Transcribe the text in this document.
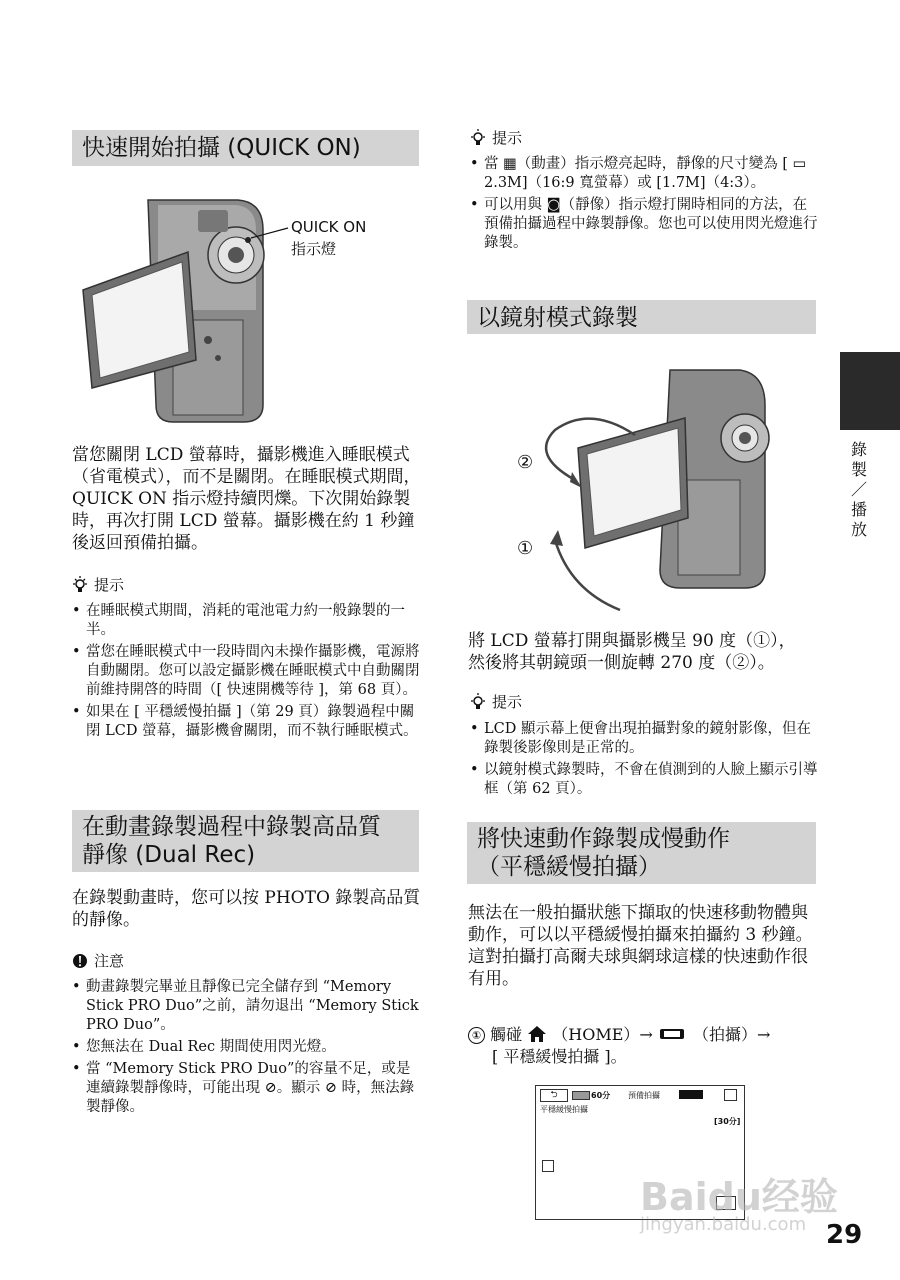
快速開始拍攝 (QUICK ON)
QUICK ON
指示燈

當您關閉 LCD 螢幕時，攝影機進入睡眠模式（省電模式），而不是關閉。在睡眠模式期間，QUICK ON 指示燈持續閃爍。下次開始錄製時，再次打開 LCD 螢幕。攝影機在約 1 秒鐘後返回預備拍攝。

提示
• 在睡眠模式期間，消耗的電池電力約一般錄製的一半。
• 當您在睡眠模式中一段時間內未操作攝影機，電源將自動關閉。您可以設定攝影機在睡眠模式中自動關閉前維持開啓的時間（[ 快速開機等待 ]，第 68 頁）。
• 如果在 [ 平穩緩慢拍攝 ]（第 29 頁）錄製過程中關閉 LCD 螢幕，攝影機會關閉，而不執行睡眠模式。
在動畫錄製過程中錄製高品質
靜像 (Dual Rec)

在錄製動畫時，您可以按 PHOTO 錄製高品質的靜像。

注意
• 動畫錄製完畢並且靜像已完全儲存到 “Memory Stick PRO Duo”之前，請勿退出 “Memory Stick PRO Duo”。
• 您無法在 Dual Rec 期間使用閃光燈。
• 當 “Memory Stick PRO Duo”的容量不足，或是連續錄製靜像時，可能出現 ⊘。顯示 ⊘ 時，無法錄製靜像。
提示
• 當 ▦（動畫）指示燈亮起時，靜像的尺寸變為 [ ▭ 2.3M]（16:9 寬螢幕）或 [1.7M]（4:3）。
• 可以用與 ◙（靜像）指示燈打開時相同的方法，在預備拍攝過程中錄製靜像。您也可以使用閃光燈進行錄製。
以鏡射模式錄製
②
①

將 LCD 螢幕打開與攝影機呈 90 度（①），

然後將其朝鏡頭一側旋轉 270 度（②）。

提示
• LCD 顯示幕上便會出現拍攝對象的鏡射影像，但在錄製後影像則是正常的。
• 以鏡射模式錄製時，不會在偵測到的人臉上顯示引導框（第 62 頁）。
將快速動作錄製成慢動作
（平穩緩慢拍攝）

無法在一般拍攝狀態下擷取的快速移動物體與動作，可以以平穩緩慢拍攝來拍攝約 3 秒鐘。這對拍攝打高爾夫球與網球這樣的快速動作很有用。

① 觸碰 （HOME）→	（拍攝）→
[ 平穩緩慢拍攝 ]。
⮌	60分 預備拍攝
平穩緩慢拍攝
[30分]
錄製／播放
Baidu经验
jingyan.baidu.com 29
